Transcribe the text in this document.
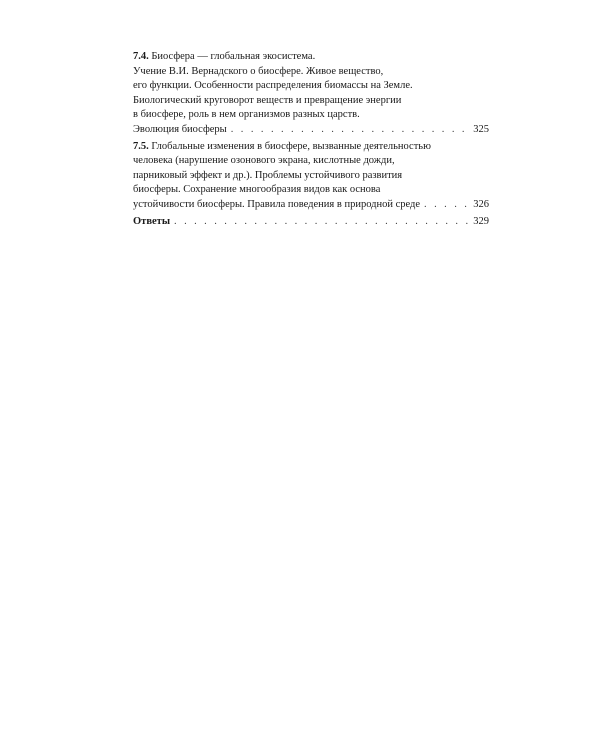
7.4. Биосфера — глобальная экосистема.
Учение В.И. Вернадского о биосфере. Живое вещество,
его функции. Особенности распределения биомассы на Земле.
Биологический круговорот веществ и превращение энергии
в биосфере, роль в нем организмов разных царств.
Эволюция биосферы . . .	325
7.5. Глобальные изменения в биосфере, вызванные деятельностью
человека (нарушение озонового экрана, кислотные дожди,
парниковый эффект и др.). Проблемы устойчивого развития
биосферы. Сохранение многообразия видов как основа
устойчивости биосферы. Правила поведения в природной среде . . .	326
Ответы . . .	329
